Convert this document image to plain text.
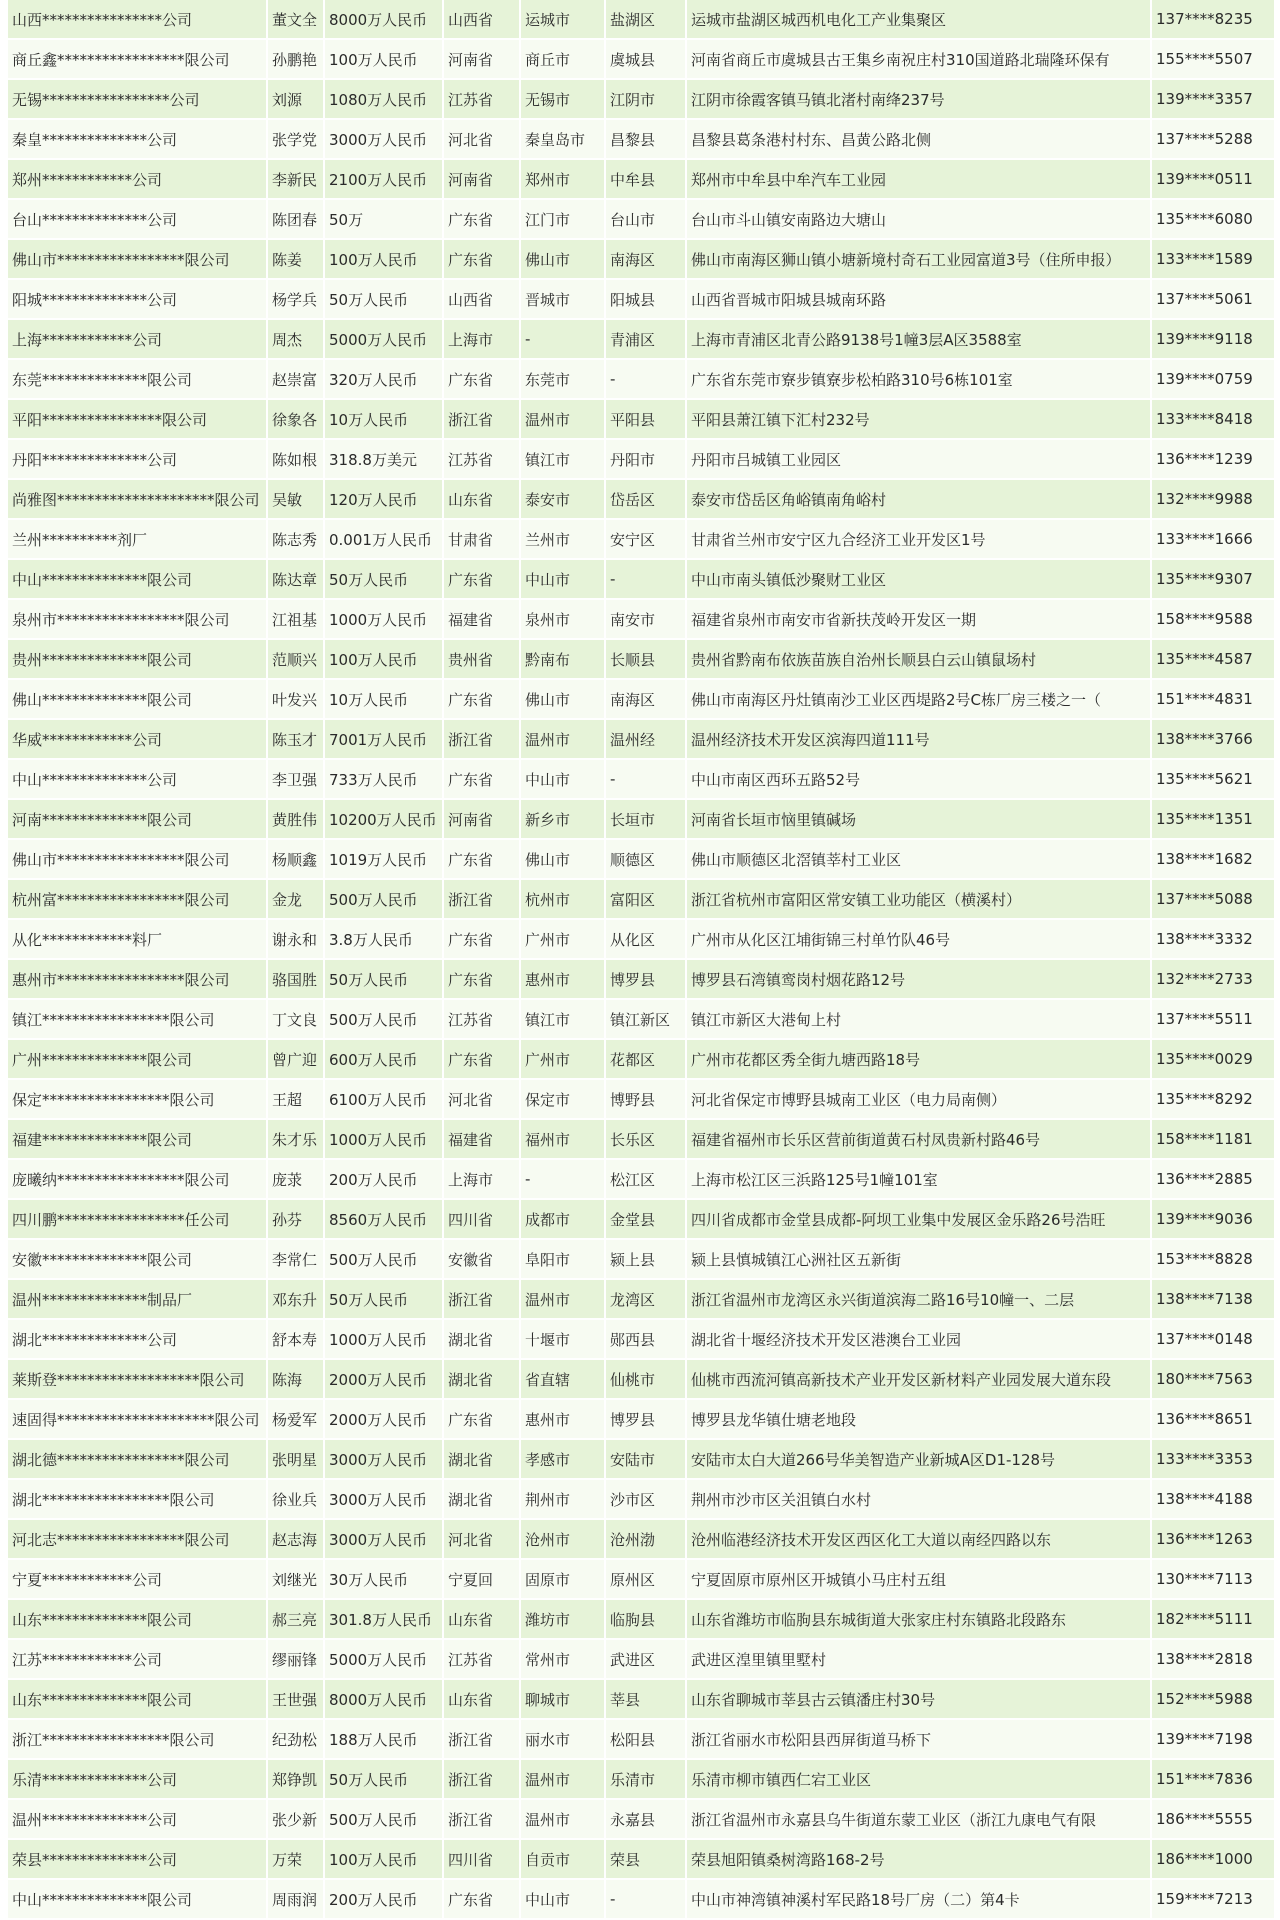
山西****************公司	董文全	8000万人民币	山西省	运城市	盐湖区	运城市盐湖区城西机电化工产业集聚区	137****8235
商丘鑫*****************限公司	孙鹏艳	100万人民币	河南省	商丘市	虞城县	河南省商丘市虞城县古王集乡南祝庄村310国道路北瑞隆环保有	155****5507
无锡*****************公司	刘源	1080万人民币	江苏省	无锡市	江阴市	江阴市徐霞客镇马镇北渚村南绛237号	139****3357
秦皇**************公司	张学党	3000万人民币	河北省	秦皇岛市	昌黎县	昌黎县葛条港村村东、昌黄公路北侧	137****5288
郑州************公司	李新民	2100万人民币	河南省	郑州市	中牟县	郑州市中牟县中牟汽车工业园	139****0511
台山**************公司	陈团春	50万	广东省	江门市	台山市	台山市斗山镇安南路边大塘山	135****6080
佛山市*****************限公司	陈姜	100万人民币	广东省	佛山市	南海区	佛山市南海区狮山镇小塘新境村奇石工业园富道3号（住所申报）	133****1589
阳城**************公司	杨学兵	50万人民币	山西省	晋城市	阳城县	山西省晋城市阳城县城南环路	137****5061
上海************公司	周杰	5000万人民币	上海市	-	青浦区	上海市青浦区北青公路9138号1幢3层A区3588室	139****9118
东莞**************限公司	赵崇富	320万人民币	广东省	东莞市	-	广东省东莞市寮步镇寮步松柏路310号6栋101室	139****0759
平阳****************限公司	徐象各	10万人民币	浙江省	温州市	平阳县	平阳县萧江镇下汇村232号	133****8418
丹阳**************公司	陈如根	318.8万美元	江苏省	镇江市	丹阳市	丹阳市吕城镇工业园区	136****1239
尚雅图*********************限公司	吴敏	120万人民币	山东省	泰安市	岱岳区	泰安市岱岳区角峪镇南角峪村	132****9988
兰州**********剂厂	陈志秀	0.001万人民币	甘肃省	兰州市	安宁区	甘肃省兰州市安宁区九合经济工业开发区1号	133****1666
中山**************限公司	陈达章	50万人民币	广东省	中山市	-	中山市南头镇低沙聚财工业区	135****9307
泉州市*****************限公司	江祖基	1000万人民币	福建省	泉州市	南安市	福建省泉州市南安市省新扶茂岭开发区一期	158****9588
贵州**************限公司	范顺兴	100万人民币	贵州省	黔南布	长顺县	贵州省黔南布依族苗族自治州长顺县白云山镇鼠场村	135****4587
佛山**************限公司	叶发兴	10万人民币	广东省	佛山市	南海区	佛山市南海区丹灶镇南沙工业区西堤路2号C栋厂房三楼之一（	151****4831
华威************公司	陈玉才	7001万人民币	浙江省	温州市	温州经	温州经济技术开发区滨海四道111号	138****3766
中山**************公司	李卫强	733万人民币	广东省	中山市	-	中山市南区西环五路52号	135****5621
河南**************限公司	黄胜伟	10200万人民币	河南省	新乡市	长垣市	河南省长垣市恼里镇碱场	135****1351
佛山市*****************限公司	杨顺鑫	1019万人民币	广东省	佛山市	顺德区	佛山市顺德区北滘镇莘村工业区	138****1682
杭州富*****************限公司	金龙	500万人民币	浙江省	杭州市	富阳区	浙江省杭州市富阳区常安镇工业功能区（横溪村）	137****5088
从化************料厂	谢永和	3.8万人民币	广东省	广州市	从化区	广州市从化区江埔街锦三村单竹队46号	138****3332
惠州市*****************限公司	骆国胜	50万人民币	广东省	惠州市	博罗县	博罗县石湾镇鸾岗村烟花路12号	132****2733
镇江*****************限公司	丁文良	500万人民币	江苏省	镇江市	镇江新区	镇江市新区大港甸上村	137****5511
广州**************限公司	曾广迎	600万人民币	广东省	广州市	花都区	广州市花都区秀全街九塘西路18号	135****0029
保定*****************限公司	王超	6100万人民币	河北省	保定市	博野县	河北省保定市博野县城南工业区（电力局南侧）	135****8292
福建**************限公司	朱才乐	1000万人民币	福建省	福州市	长乐区	福建省福州市长乐区营前街道黄石村凤贵新村路46号	158****1181
庞曦纳*****************限公司	庞莍	200万人民币	上海市	-	松江区	上海市松江区三浜路125号1幢101室	136****2885
四川鹏*****************任公司	孙芬	8560万人民币	四川省	成都市	金堂县	四川省成都市金堂县成都-阿坝工业集中发展区金乐路26号浩旺	139****9036
安徽**************限公司	李常仁	500万人民币	安徽省	阜阳市	颍上县	颍上县慎城镇江心洲社区五新街	153****8828
温州**************制品厂	邓东升	50万人民币	浙江省	温州市	龙湾区	浙江省温州市龙湾区永兴街道滨海二路16号10幢一、二层	138****7138
湖北**************公司	舒本寿	1000万人民币	湖北省	十堰市	郧西县	湖北省十堰经济技术开发区港澳台工业园	137****0148
莱斯登*******************限公司	陈海	2000万人民币	湖北省	省直辖	仙桃市	仙桃市西流河镇高新技术产业开发区新材料产业园发展大道东段	180****7563
速固得*********************限公司	杨爱军	2000万人民币	广东省	惠州市	博罗县	博罗县龙华镇仕塘老地段	136****8651
湖北德*****************限公司	张明星	3000万人民币	湖北省	孝感市	安陆市	安陆市太白大道266号华美智造产业新城A区D1-128号	133****3353
湖北*****************限公司	徐业兵	3000万人民币	湖北省	荆州市	沙市区	荆州市沙市区关沮镇白水村	138****4188
河北志*****************限公司	赵志海	3000万人民币	河北省	沧州市	沧州渤	沧州临港经济技术开发区西区化工大道以南经四路以东	136****1263
宁夏************公司	刘继光	30万人民币	宁夏回	固原市	原州区	宁夏固原市原州区开城镇小马庄村五组	130****7113
山东**************限公司	郝三亮	301.8万人民币	山东省	潍坊市	临朐县	山东省潍坊市临朐县东城街道大张家庄村东镇路北段路东	182****5111
江苏************公司	缪丽锋	5000万人民币	江苏省	常州市	武进区	武进区湟里镇里墅村	138****2818
山东**************限公司	王世强	8000万人民币	山东省	聊城市	莘县	山东省聊城市莘县古云镇潘庄村30号	152****5988
浙江*****************限公司	纪劲松	188万人民币	浙江省	丽水市	松阳县	浙江省丽水市松阳县西屏街道马桥下	139****7198
乐清**************公司	郑铮凯	50万人民币	浙江省	温州市	乐清市	乐清市柳市镇西仁宕工业区	151****7836
温州**************公司	张少新	500万人民币	浙江省	温州市	永嘉县	浙江省温州市永嘉县乌牛街道东蒙工业区（浙江九康电气有限	186****5555
荣县**************公司	万荣	100万人民币	四川省	自贡市	荣县	荣县旭阳镇桑树湾路168-2号	186****1000
中山**************限公司	周雨润	200万人民币	广东省	中山市	-	中山市神湾镇神溪村军民路18号厂房（二）第4卡	159****7213
